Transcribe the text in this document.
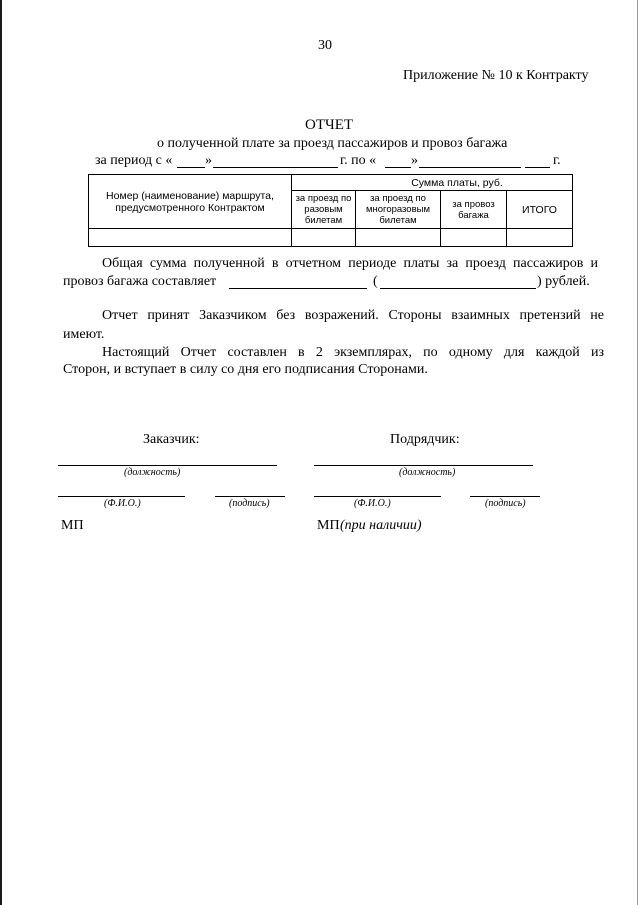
30
Приложение № 10 к Контракту
ОТЧЕТ
о полученной плате за проезд пассажиров и провоз багажа
за период с « »	г. по « »	г.
Номер (наименование) маршрута, предусмотренного Контрактом	Сумма платы, руб.			

	за проезд по разовым билетам	за проезд по многоразовым билетам	за провоз багажа	ИТОГО

Общая сумма полученной в отчетном периоде платы за проезд пассажиров и
провоз багажа составляет	(	) рублей.
Отчет принят Заказчиком без возражений. Стороны взаимных претензий не
имеют.
Настоящий Отчет составлен в 2 экземплярах, по одному для каждой из
Сторон, и вступает в силу со дня его подписания Сторонами.
Заказчик:
(должность)
(Ф.И.О.)	(подпись)
МП
Подрядчик:
(должность)
(Ф.И.О.)	(подпись)
МП (при наличии)
